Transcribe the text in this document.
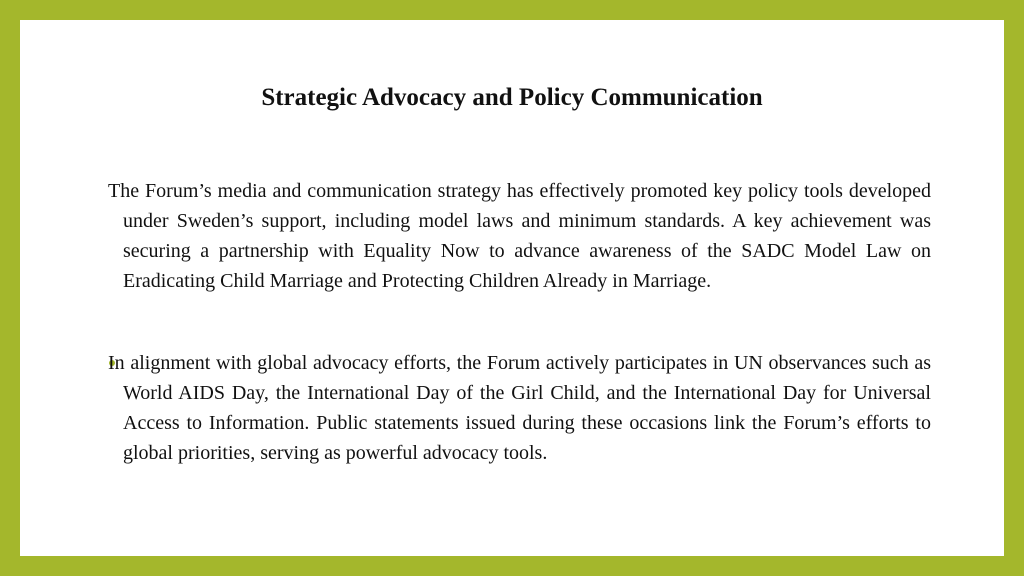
Strategic Advocacy and Policy Communication

The Forum’s media and communication strategy has effectively promoted key policy tools developed under Sweden’s support, including model laws and minimum standards. A key achievement was securing a partnership with Equality Now to advance awareness of the SADC Model Law on Eradicating Child Marriage and Protecting Children Already in Marriage.

In alignment with global advocacy efforts, the Forum actively participates in UN observances such as World AIDS Day, the International Day of the Girl Child, and the International Day for Universal Access to Information. Public statements issued during these occasions link the Forum’s efforts to global priorities, serving as powerful advocacy tools.
